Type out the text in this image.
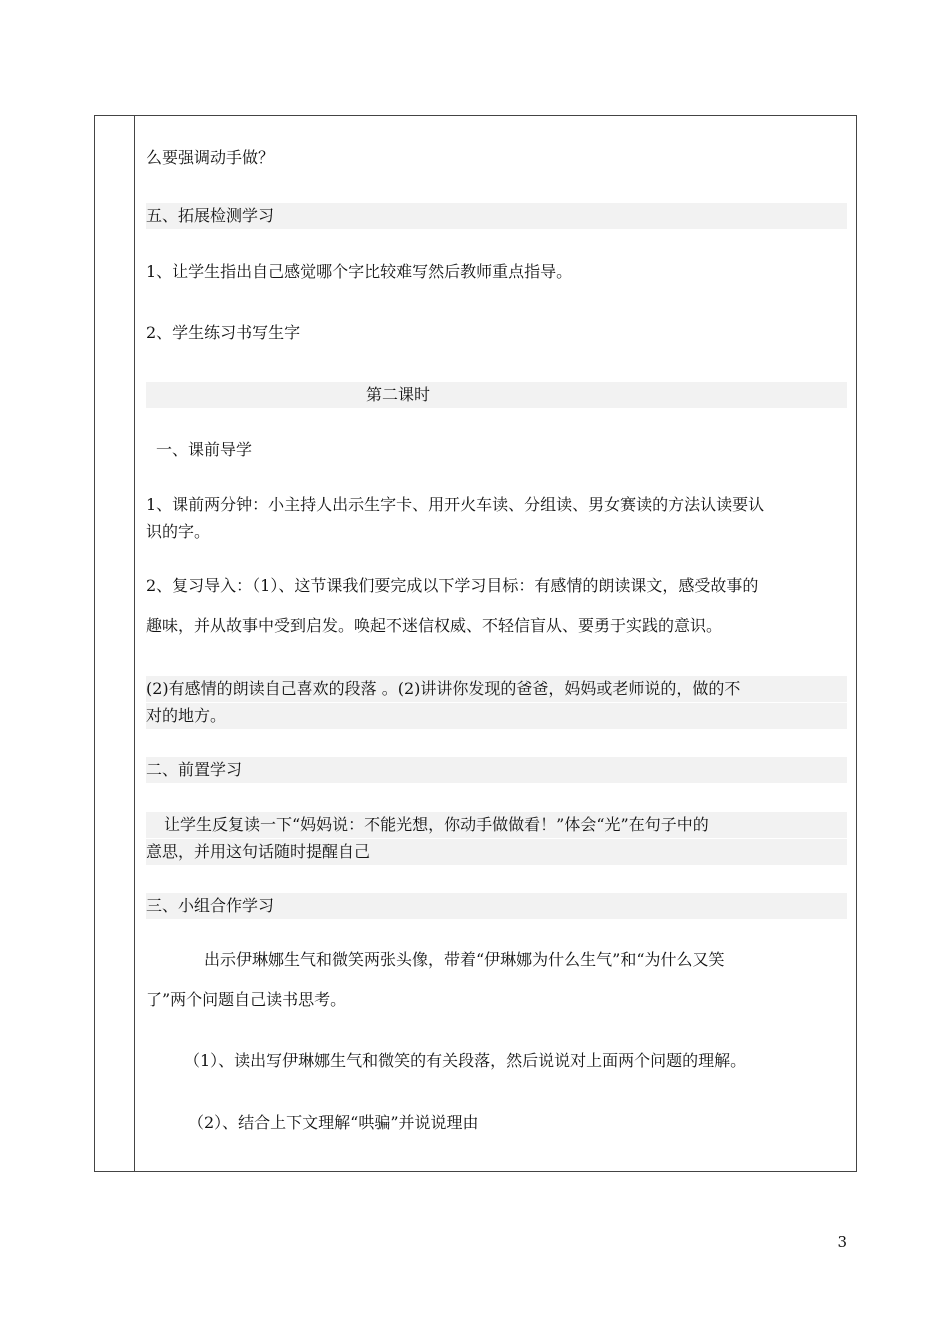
么要强调动手做？
五、拓展检测学习
1、让学生指出自己感觉哪个字比较难写然后教师重点指导。
2、学生练习书写生字
第二课时
一、课前导学
1、课前两分钟：小主持人出示生字卡、用开火车读、分组读、男女赛读的方法认读要认
识的字。
2、复习导入：（1）、这节课我们要完成以下学习目标：有感情的朗读课文，感受故事的
趣味，并从故事中受到启发。唤起不迷信权威、不轻信盲从、要勇于实践的意识。
(2)有感情的朗读自己喜欢的段落 。(2)讲讲你发现的爸爸，妈妈或老师说的，做的不
对的地方。
二、前置学习
让学生反复读一下“妈妈说：不能光想，你动手做做看！”体会“光”在句子中的
意思，并用这句话随时提醒自己
三、小组合作学习
出示伊琳娜生气和微笑两张头像，带着“伊琳娜为什么生气”和“为什么又笑
了”两个问题自己读书思考。
（1）、读出写伊琳娜生气和微笑的有关段落，然后说说对上面两个问题的理解。
（2）、结合上下文理解“哄骗”并说说理由
3
